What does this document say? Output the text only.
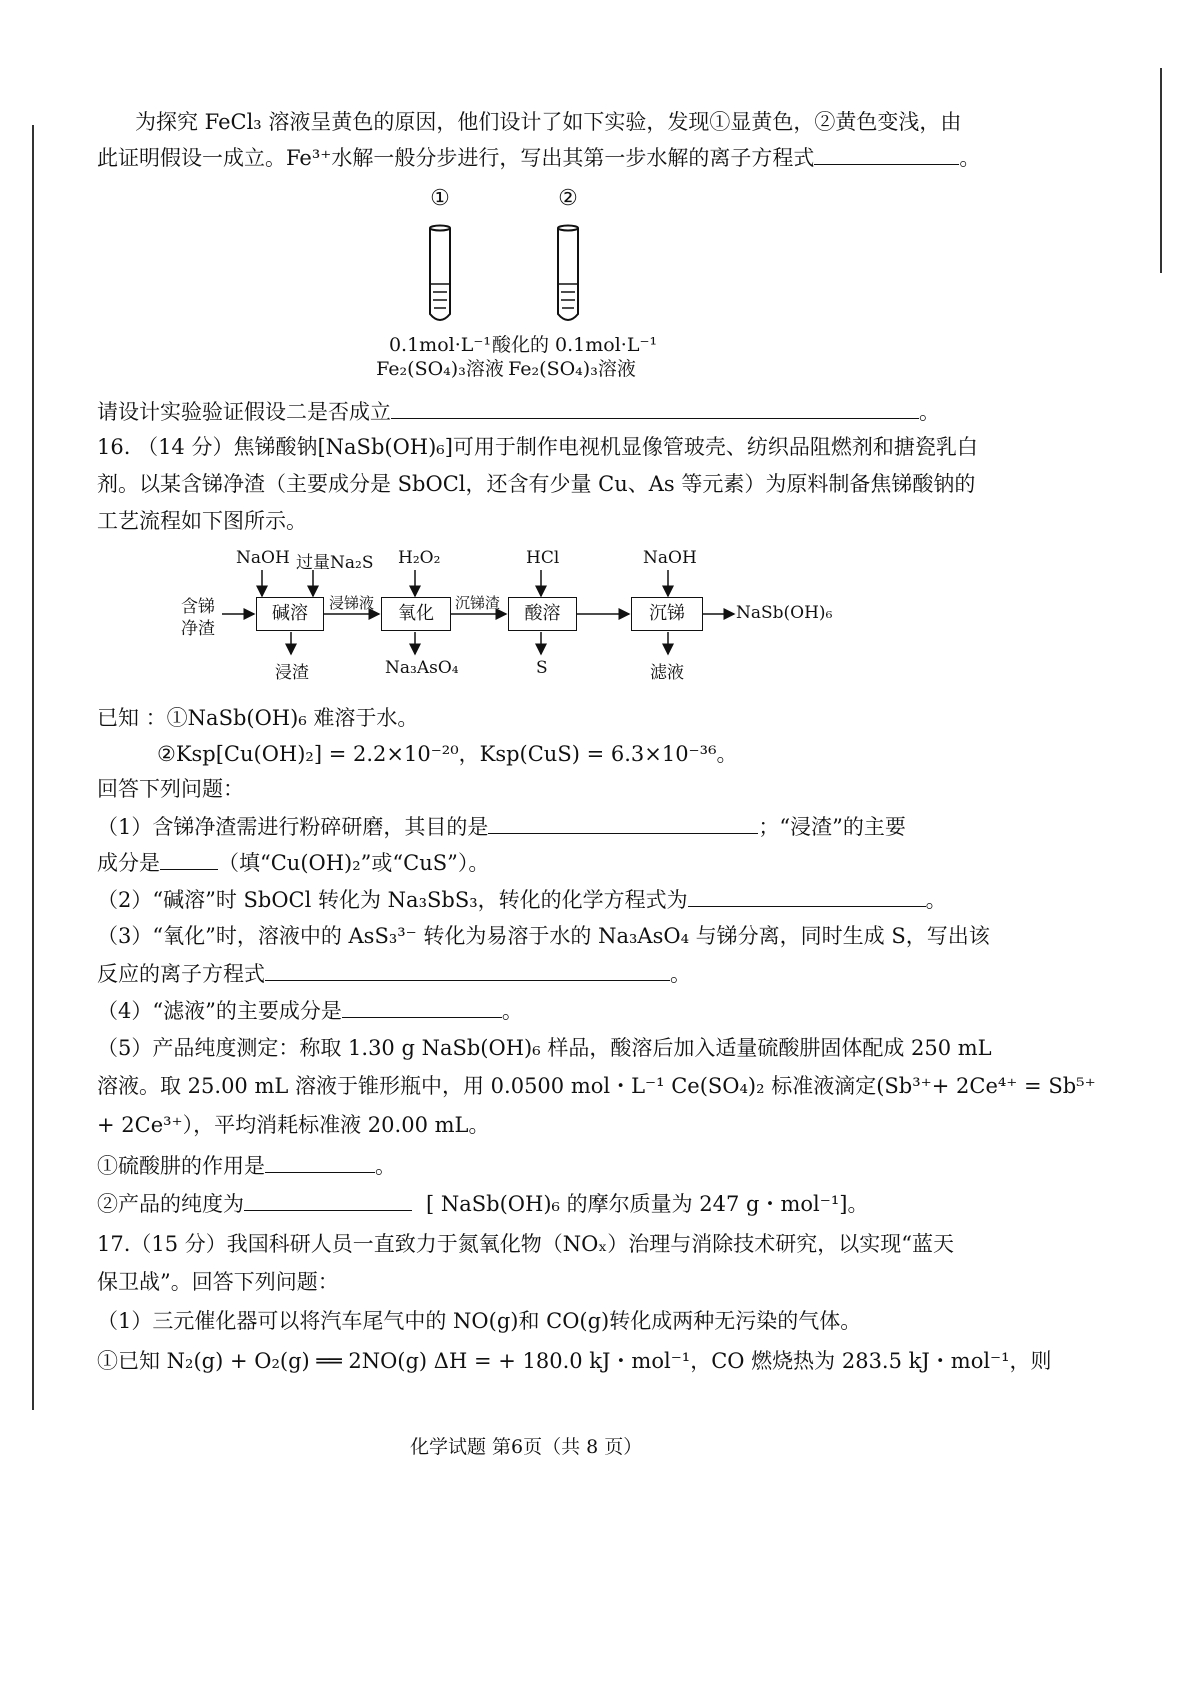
为探究 FeCl₃ 溶液呈黄色的原因，他们设计了如下实验，发现①显黄色，②黄色变浅，由
此证明假设一成立。Fe³⁺水解一般分步进行，写出其第一步水解的离子方程式	。
①	②
0.1mol·L⁻¹
Fe₂(SO₄)₃溶液
酸化的 0.1mol·L⁻¹
Fe₂(SO₄)₃溶液
请设计实验验证假设二是否成立	。
16. （14 分）焦锑酸钠[NaSb(OH)₆]可用于制作电视机显像管玻壳、纺织品阻燃剂和搪瓷乳白
剂。以某含锑净渣（主要成分是 SbOCl，还含有少量 Cu、As 等元素）为原料制备焦锑酸钠的
工艺流程如下图所示。
含锑
净渣
NaOH 过量Na₂S H₂O₂	HCl	NaOH
碱溶	氧化	酸溶	沉锑
浸锑液	沉锑渣	NaSb(OH)₆
浸渣	Na₃AsO₄	S	滤液
已知 ：①NaSb(OH)₆ 难溶于水。
②Ksp[Cu(OH)₂] = 2.2×10⁻²⁰，Ksp(CuS) = 6.3×10⁻³⁶。
回答下列问题：
（1）含锑净渣需进行粉碎研磨，其目的是	；“浸渣”的主要
成分是	（填“Cu(OH)₂”或“CuS”）。
（2）“碱溶”时 SbOCl 转化为 Na₃SbS₃，转化的化学方程式为	。
（3）“氧化”时，溶液中的 AsS₃³⁻ 转化为易溶于水的 Na₃AsO₄ 与锑分离，同时生成 S，写出该
反应的离子方程式	。
（4）“滤液”的主要成分是	。
（5）产品纯度测定：称取 1.30 g NaSb(OH)₆ 样品，酸溶后加入适量硫酸肼固体配成 250 mL
溶液。取 25.00 mL 溶液于锥形瓶中，用 0.0500 mol・L⁻¹ Ce(SO₄)₂ 标准液滴定(Sb³⁺+ 2Ce⁴⁺ = Sb⁵⁺
+ 2Ce³⁺），平均消耗标准液 20.00 mL。
①硫酸肼的作用是	。
②产品的纯度为	[ NaSb(OH)₆ 的摩尔质量为 247 g・mol⁻¹]。
17.（15 分）我国科研人员一直致力于氮氧化物（NOₓ）治理与消除技术研究，以实现“蓝天
保卫战”。回答下列问题：
（1）三元催化器可以将汽车尾气中的 NO(g)和 CO(g)转化成两种无污染的气体。
①已知 N₂(g) + O₂(g) ══ 2NO(g) ΔH = + 180.0 kJ・mol⁻¹，CO 燃烧热为 283.5 kJ・mol⁻¹，则
化学试题 第6页（共 8 页）
